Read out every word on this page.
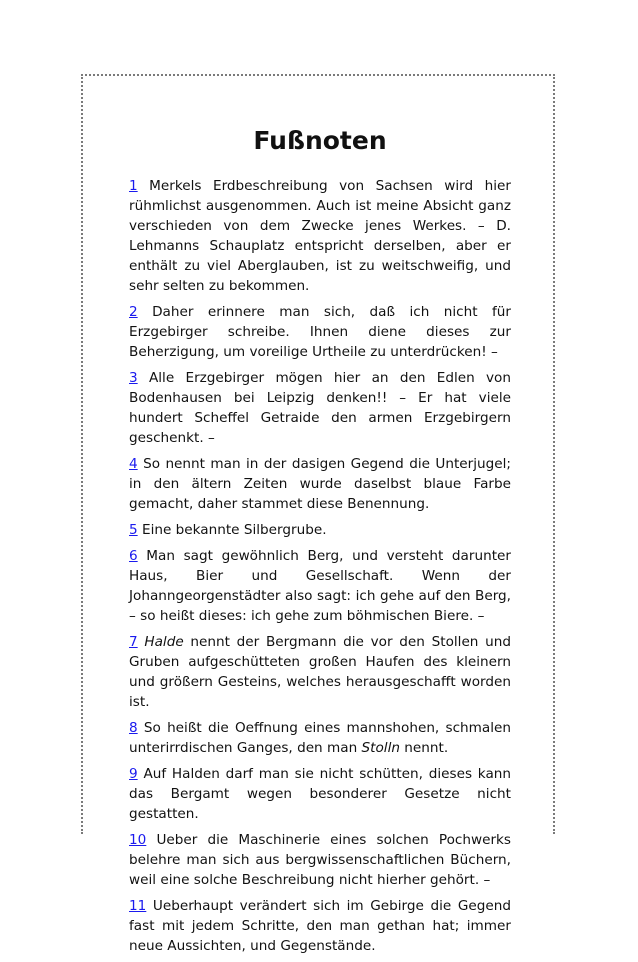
Fußnoten

1 Merkels Erdbeschreibung von Sachsen wird hier rühmlichst ausgenommen. Auch ist meine Absicht ganz verschieden von dem Zwecke jenes Werkes. – D. Lehmanns Schauplatz entspricht derselben, aber er enthält zu viel Aberglauben, ist zu weitschweifig, und sehr selten zu bekommen.

2 Daher erinnere man sich, daß ich nicht für Erzgebirger schreibe. Ihnen diene dieses zur Beherzigung, um voreilige Urtheile zu unterdrücken! –

3 Alle Erzgebirger mögen hier an den Edlen von Bodenhausen bei Leipzig denken!! – Er hat viele hundert Scheffel Getraide den armen Erzgebirgern geschenkt. –

4 So nennt man in der dasigen Gegend die Unterjugel; in den ältern Zeiten wurde daselbst blaue Farbe gemacht, daher stammet diese Benennung.

5 Eine bekannte Silbergrube.

6 Man sagt gewöhnlich Berg, und versteht darunter Haus, Bier und Gesellschaft. Wenn der Johanngeorgenstädter also sagt: ich gehe auf den Berg, – so heißt dieses: ich gehe zum böhmischen Biere. –

7 Halde nennt der Bergmann die vor den Stollen und Gruben aufgeschütteten großen Haufen des kleinern und größern Gesteins, welches herausgeschafft worden ist.

8 So heißt die Oeffnung eines mannshohen, schmalen unterirrdischen Ganges, den man Stolln nennt.

9 Auf Halden darf man sie nicht schütten, dieses kann das Bergamt wegen besonderer Gesetze nicht gestatten.

10 Ueber die Maschinerie eines solchen Pochwerks belehre man sich aus bergwissenschaftlichen Büchern, weil eine solche Beschreibung nicht hierher gehört. –

11 Ueberhaupt verändert sich im Gebirge die Gegend fast mit jedem Schritte, den man gethan hat; immer neue Aussichten, und Gegenstände.
